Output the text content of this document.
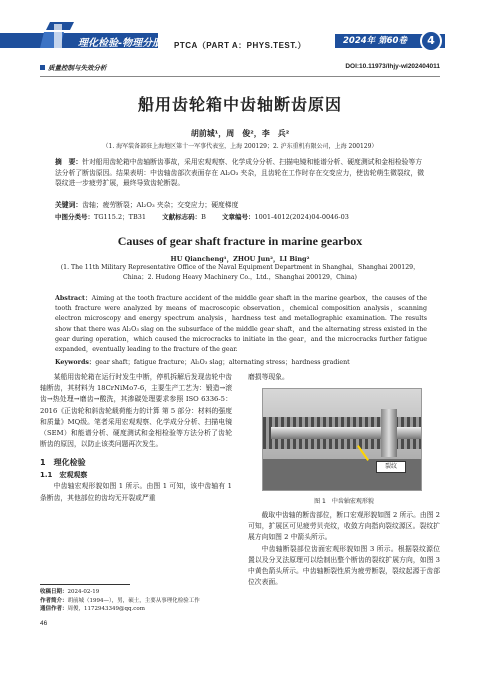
理化检验-物理分册	PTCA（PART A：PHYS.TEST.）	2024年 第60卷	4
质量控制与失效分析	DOI:10.11973/lhjy-wl202404011
船用齿轮箱中齿轴断齿原因
胡前城¹，周　俊²，李　兵²
（1. 海军装备部驻上海地区第十一军事代表室，上海 200129；2. 沪东重机有限公司，上海 200129）
摘　要：针对船用齿轮箱中齿轴断齿事故，采用宏观观察、化学成分分析、扫描电镜和能谱分析、硬度测试和金相检验等方法分析了断齿原因。结果表明：中齿轴齿部次表面存在 Al₂O₃ 夹杂，且齿轮在工作时存在交变应力，使齿轮萌生微裂纹，微裂纹进一步疲劳扩展，最终导致齿轮断裂。
关键词：齿轴；疲劳断裂；Al₂O₃ 夹杂；交变应力；硬度梯度
中图分类号：TG115.2；TB31 文献标志码：B 文章编号：1001-4012(2024)04-0046-03
Causes of gear shaft fracture in marine gearbox
HU Qiancheng¹，ZHOU Jun²，LI Bing²
(1. The 11th Military Representative Office of the Naval Equipment Department in Shanghai，Shanghai 200129，China；2. Hudong Heavy Machinery Co.，Ltd.，Shanghai 200129，China)
Abstract：Aiming at the tooth fracture accident of the middle gear shaft in the marine gearbox，the causes of the tooth fracture were analyzed by means of macroscopic observation，chemical composition analysis，scanning electron microscopy and energy spectrum analysis，hardness test and metallographic examination. The results show that there was Al₂O₃ slag on the subsurface of the middle gear shaft，and the alternating stress existed in the gear during operation，which caused the microcracks to initiate in the gear，and the microcracks further fatigue expanded，eventually leading to the fracture of the gear.
Keywords：gear shaft；fatigue fracture；Al₂O₃ slag；alternating stress；hardness gradient

某船用齿轮箱在运行时发生中断，停机拆解后发现齿轮中齿轴断齿，其材料为 18CrNiMo7-6，主要生产工艺为：锻造→滚齿→热处理→磨齿→酸洗，其渗碳处理要求参照 ISO 6336-5：2016《正齿轮和斜齿轮载荷能力的计算 第 5 部分：材料的强度和质量》MQ级。笔者采用宏观观察、化学成分分析、扫描电镜（SEM）和能谱分析、硬度测试和金相检验等方法分析了齿轮断齿的原因，以防止该类问题再次发生。

1　理化检验

1.1　宏观观察

中齿轴宏观形貌如图 1 所示。由图 1 可知，该中齿轴有 1 条断齿，其他部位的齿均无开裂或严重

磨损等现象。
裂纹
图 1　中齿轴宏观形貌

截取中齿轴的断齿部位，断口宏观形貌如图 2 所示。由图 2 可知，扩展区可见疲劳贝壳纹，收敛方向指向裂纹源区。裂纹扩展方向如图 2 中箭头所示。

中齿轴断裂部位齿面宏观形貌如图 3 所示。根据裂纹源位置以及分叉法原理可以绘制出整个断齿的裂纹扩展方向，如图 3 中黄色箭头所示。中齿轴断裂性质为疲劳断裂，裂纹起源于齿部位次表面。

收稿日期：2024-02-19
作者简介：胡前城（1994—），男，硕士，主要从事理化检验工作
通信作者：周俊，1172943349@qq.com
46
